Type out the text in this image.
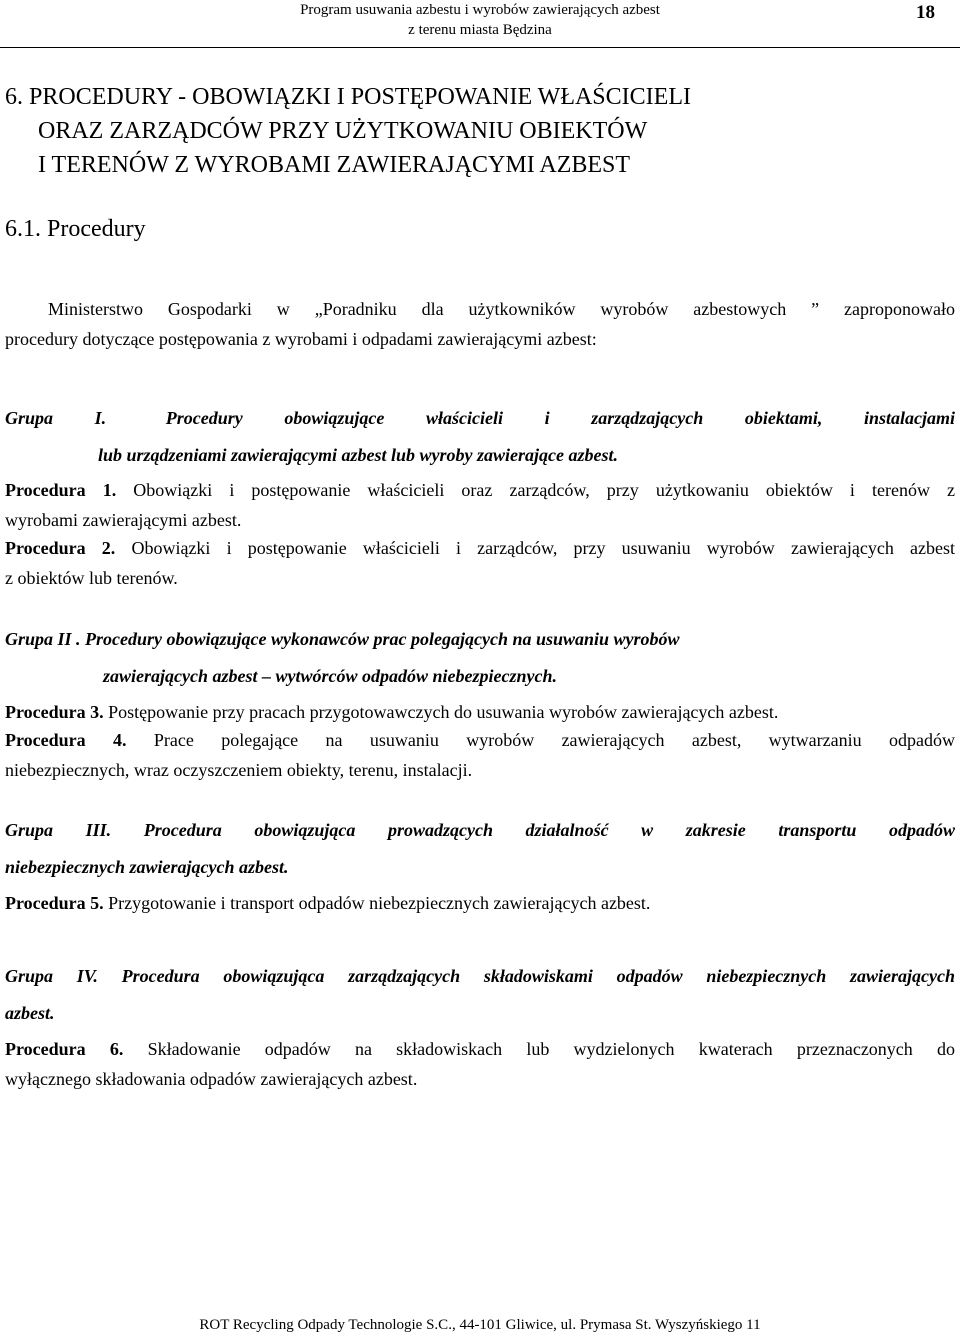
Program usuwania azbestu i wyrobów zawierających azbest
z terenu miasta Będzina
18
6. PROCEDURY - OBOWIĄZKI I POSTĘPOWANIE WŁAŚCICIELI
ORAZ ZARZĄDCÓW PRZY UŻYTKOWANIU OBIEKTÓW
I TERENÓW Z WYROBAMI ZAWIERAJĄCYMI AZBEST
6.1. Procedury
Ministerstwo Gospodarki w „Poradniku dla użytkowników wyrobów azbestowych ” zaproponowało
procedury dotyczące postępowania z wyrobami i odpadami zawierającymi azbest:
Grupa I.	Procedury obowiązujące właścicieli i zarządzających obiektami, instalacjami
lub urządzeniami zawierającymi azbest lub wyroby zawierające azbest.
Procedura 1. Obowiązki i postępowanie właścicieli oraz zarządców, przy użytkowaniu obiektów i terenów z
wyrobami zawierającymi azbest.
Procedura 2. Obowiązki i postępowanie właścicieli i zarządców, przy usuwaniu wyrobów zawierających azbest
z obiektów lub terenów.
Grupa II . Procedury obowiązujące wykonawców prac polegających na usuwaniu wyrobów
zawierających azbest – wytwórców odpadów niebezpiecznych.
Procedura 3. Postępowanie przy pracach przygotowawczych do usuwania wyrobów zawierających azbest.
Procedura 4. Prace polegające na usuwaniu wyrobów zawierających azbest, wytwarzaniu odpadów
niebezpiecznych, wraz oczyszczeniem obiekty, terenu, instalacji.
Grupa III. Procedura obowiązująca prowadzących działalność w zakresie transportu odpadów
niebezpiecznych zawierających azbest.
Procedura 5. Przygotowanie i transport odpadów niebezpiecznych zawierających azbest.
Grupa IV. Procedura obowiązująca zarządzających składowiskami odpadów niebezpiecznych zawierających
azbest.
Procedura 6. Składowanie odpadów na składowiskach lub wydzielonych kwaterach przeznaczonych do
wyłącznego składowania odpadów zawierających azbest.
ROT Recycling Odpady Technologie S.C., 44-101 Gliwice, ul. Prymasa St. Wyszyńskiego 11
